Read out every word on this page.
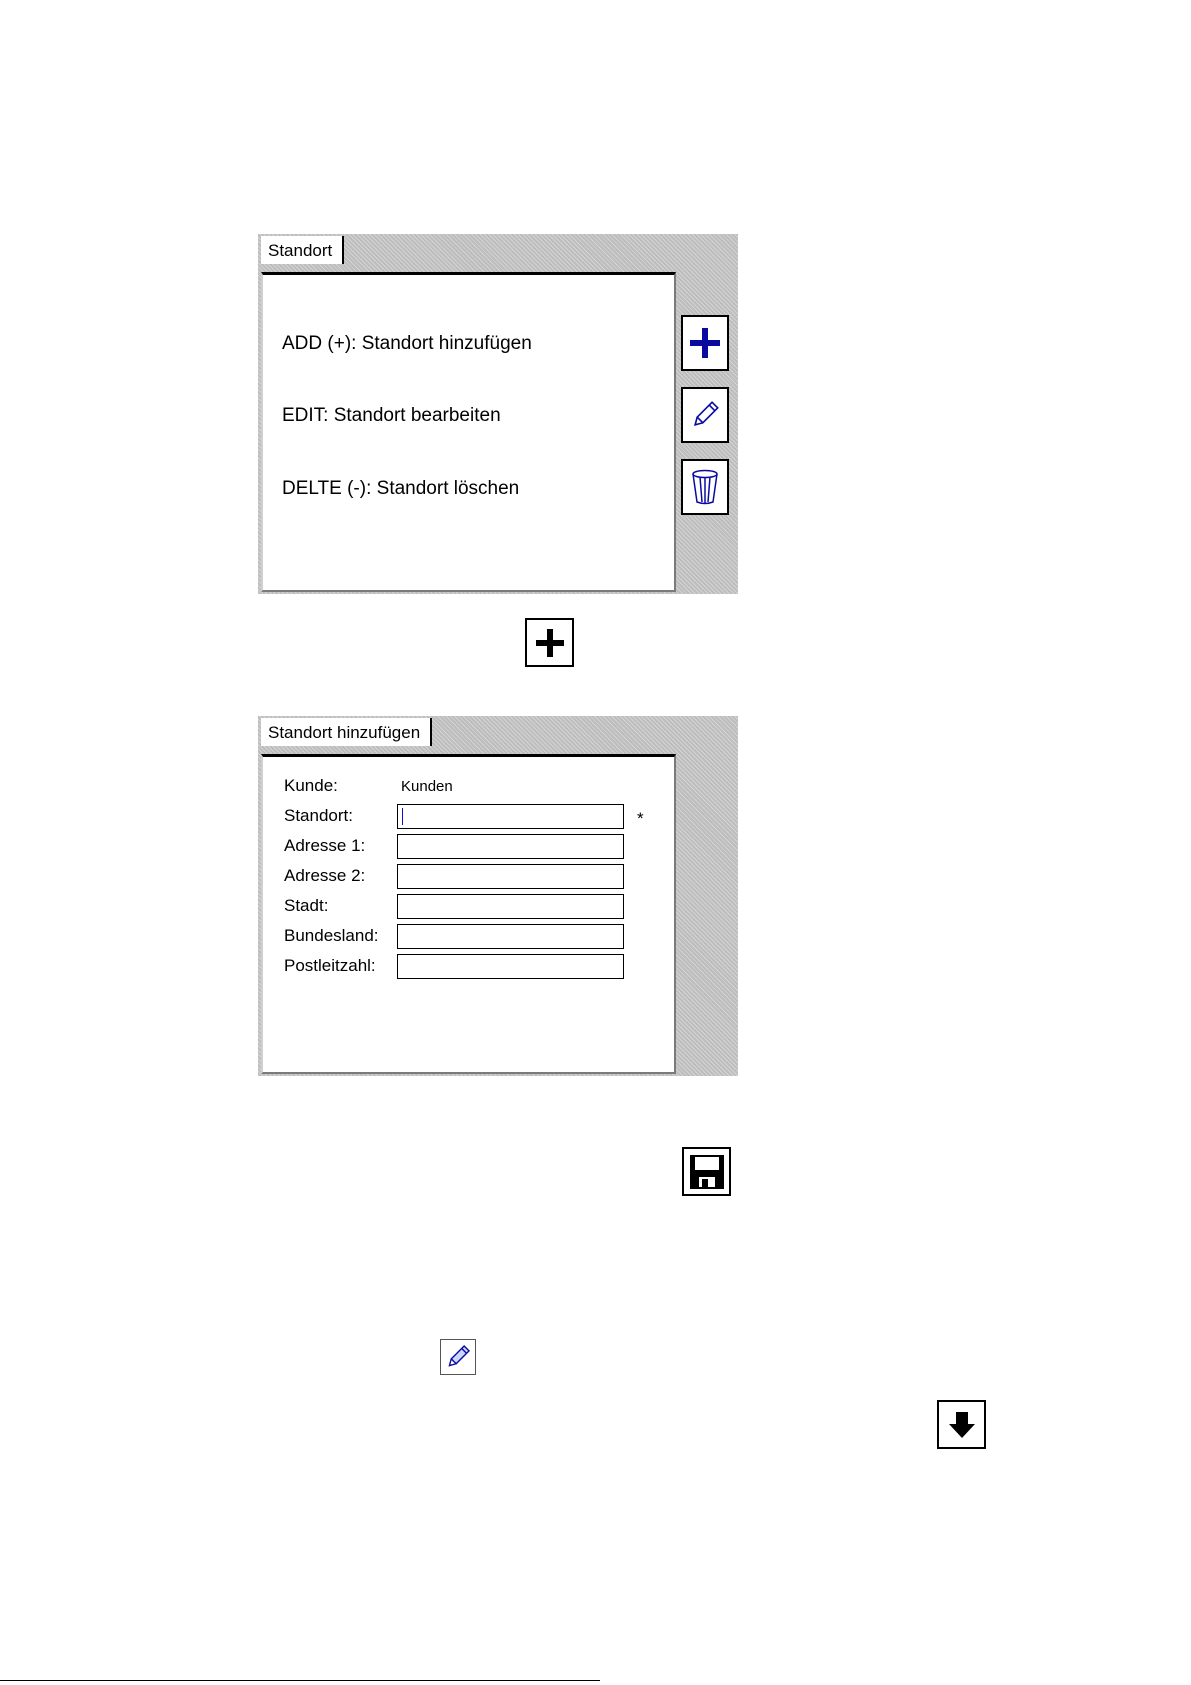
Standort
ADD (+): Standort hinzufügen
EDIT: Standort bearbeiten
DELTE (-): Standort löschen
Standort hinzufügen
Kunde:	Kunden
Standort:	*
Adresse 1:
Adresse 2:
Stadt:
Bundesland:
Postleitzahl:
